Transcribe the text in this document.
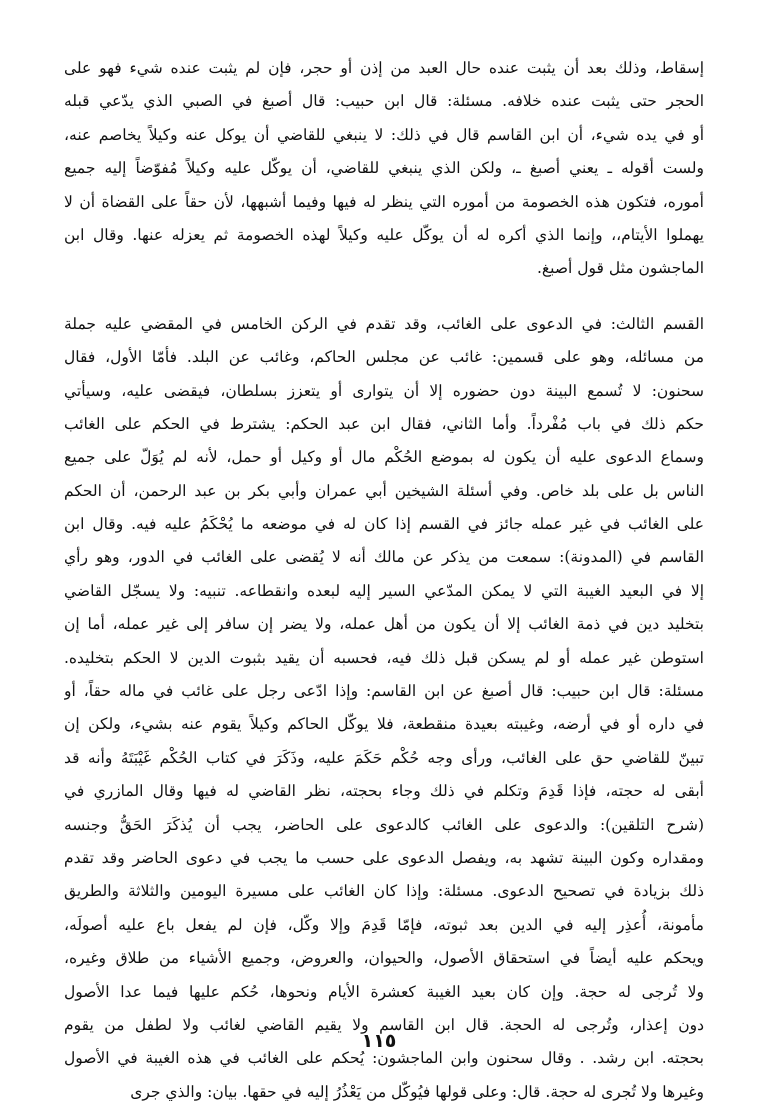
إسقاط، وذلك بعد أن يثبت عنده حال العبد من إذن أو حجر، فإن لم يثبت عنده شيء فهو على
الحجر حتى يثبت عنده خلافه. مسئلة: قال ابن حبيب: قال أصبغ في الصبي الذي يدّعي قبله
أو في يده شيء، أن ابن القاسم قال في ذلك: لا ينبغي للقاضي أن يوكل عنه وكيلاً يخاصم عنه،
ولست أقوله ـ يعني أصبغ ـ، ولكن الذي ينبغي للقاضي، أن يوكّل عليه وكيلاً مُفوّضاً إليه جميع
أموره، فتكون هذه الخصومة من أموره التي ينظر له فيها وفيما أشبهها، لأن حقاً على القضاة أن لا
يهملوا الأيتام،، وإنما الذي أكره له أن يوكّل عليه وكيلاً لهذه الخصومة ثم يعزله عنها. وقال ابن
الماجشون مثل قول أصبغ.
القسم الثالث: في الدعوى على الغائب، وقد تقدم في الركن الخامس في المقضي عليه جملة
من مسائله، وهو على قسمين: غائب عن مجلس الحاكم، وغائب عن البلد. فأمّا الأول، فقال
سحنون: لا تُسمع البينة دون حضوره إلا أن يتوارى أو يتعزز بسلطان، فيقضى عليه، وسيأتي
حكم ذلك في باب مُفْرداً. وأما الثاني، فقال ابن عبد الحكم: يشترط في الحكم على الغائب
وسماع الدعوى عليه أن يكون له بموضع الحُكْم مال أو وكيل أو حمل، لأنه لم يُوَلّ على جميع
الناس بل على بلد خاص. وفي أسئلة الشيخين أبي عمران وأبي بكر بن عبد الرحمن، أن الحكم
على الغائب في غير عمله جائز في القسم إذا كان له في موضعه ما يُحْكَمُ عليه فيه. وقال ابن
القاسم في (المدونة): سمعت من يذكر عن مالك أنه لا يُقضى على الغائب في الدور، وهو رأي
إلا في البعيد الغيبة التي لا يمكن المدّعي السير إليه لبعده وانقطاعه. تنبيه: ولا يسجّل القاضي
بتخليد دين في ذمة الغائب إلا أن يكون من أهل عمله، ولا يضر إن سافر إلى غير عمله، أما إن
استوطن غير عمله أو لم يسكن قبل ذلك فيه، فحسبه أن يقيد بثبوت الدين لا الحكم بتخليده.
مسئلة: قال ابن حبيب: قال أصبغ عن ابن القاسم: وإذا ادّعى رجل على غائب في ماله حقاً، أو
في داره أو في أرضه، وغيبته بعيدة منقطعة، فلا يوكّل الحاكم وكيلاً يقوم عنه بشيء، ولكن إن
تبينّ للقاضي حق على الغائب، ورأى وجه حُكْم حَكَمَ عليه، وذَكَرَ في كتاب الحُكْم غَيْبَتَهُ وأنه قد
أبقى له حجته، فإذا قَدِمَ وتكلم في ذلك وجاء بحجته، نظر القاضي له فيها وقال المازري في
(شرح التلقين): والدعوى على الغائب كالدعوى على الحاضر، يجب أن يُذكَرَ الحَقُّ وجنسه
ومقداره وكون البينة تشهد به، ويفصل الدعوى على حسب ما يجب في دعوى الحاضر وقد تقدم
ذلك بزيادة في تصحيح الدعوى. مسئلة: وإذا كان الغائب على مسيرة اليومين والثلاثة والطريق
مأمونة، أُعذِر إليه في الدين بعد ثبوته، فإمّا قَدِمَ وإلا وكّل، فإن لم يفعل باع عليه أصولَه،
ويحكم عليه أيضاً في استحقاق الأصول، والحيوان، والعروض، وجميع الأشياء من طلاق وغيره،
ولا تُرجى له حجة. وإن كان بعيد الغيبة كعشرة الأيام ونحوها، حُكم عليها فيما عدا الأصول
دون إعذار، وتُرجى له الحجة. قال ابن القاسم ولا يقيم القاضي لغائب ولا لطفل من يقوم
بحجته. ابن رشد. . وقال سحنون وابن الماجشون: يُحكم على الغائب في هذه الغيبة في الأصول
وغيرها ولا تُجرى له حجة. قال: وعلى قولها فيُوكّل من يَعْذُرُ إليه في حقها. بيان: والذي جرى
١١٥
